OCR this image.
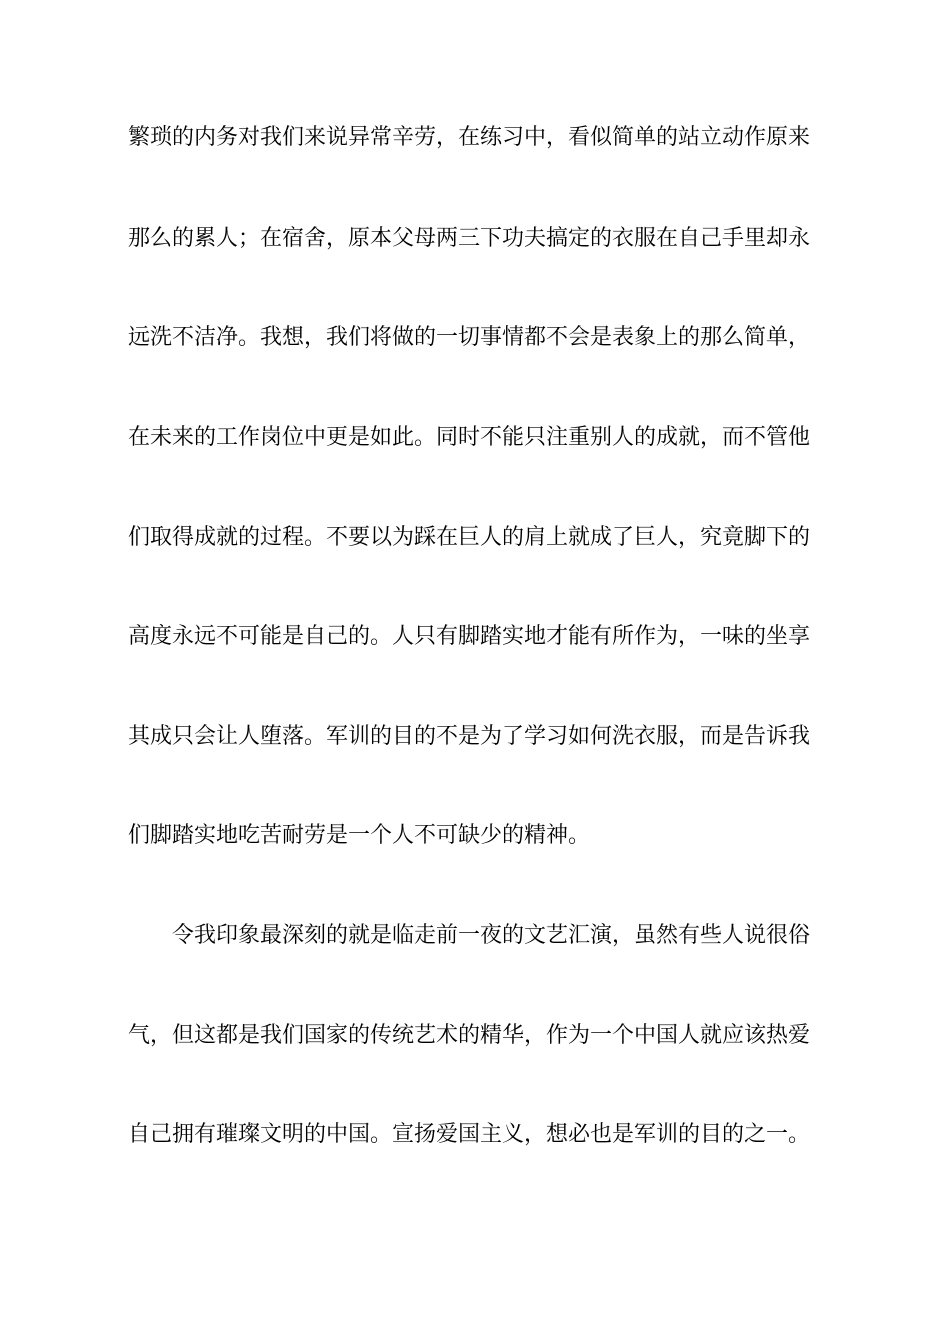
繁琐的内务对我们来说异常辛劳，在练习中，看似简单的站立动作原来
那么的累人；在宿舍，原本父母两三下功夫搞定的衣服在自己手里却永
远洗不洁净。我想，我们将做的一切事情都不会是表象上的那么简单，
在未来的工作岗位中更是如此。同时不能只注重别人的成就，而不管他
们取得成就的过程。不要以为踩在巨人的肩上就成了巨人，究竟脚下的
高度永远不可能是自己的。人只有脚踏实地才能有所作为，一味的坐享
其成只会让人堕落。军训的目的不是为了学习如何洗衣服，而是告诉我
们脚踏实地吃苦耐劳是一个人不可缺少的精神。
令我印象最深刻的就是临走前一夜的文艺汇演，虽然有些人说很俗
气，但这都是我们国家的传统艺术的精华，作为一个中国人就应该热爱
自己拥有璀璨文明的中国。宣扬爱国主义，想必也是军训的目的之一。
